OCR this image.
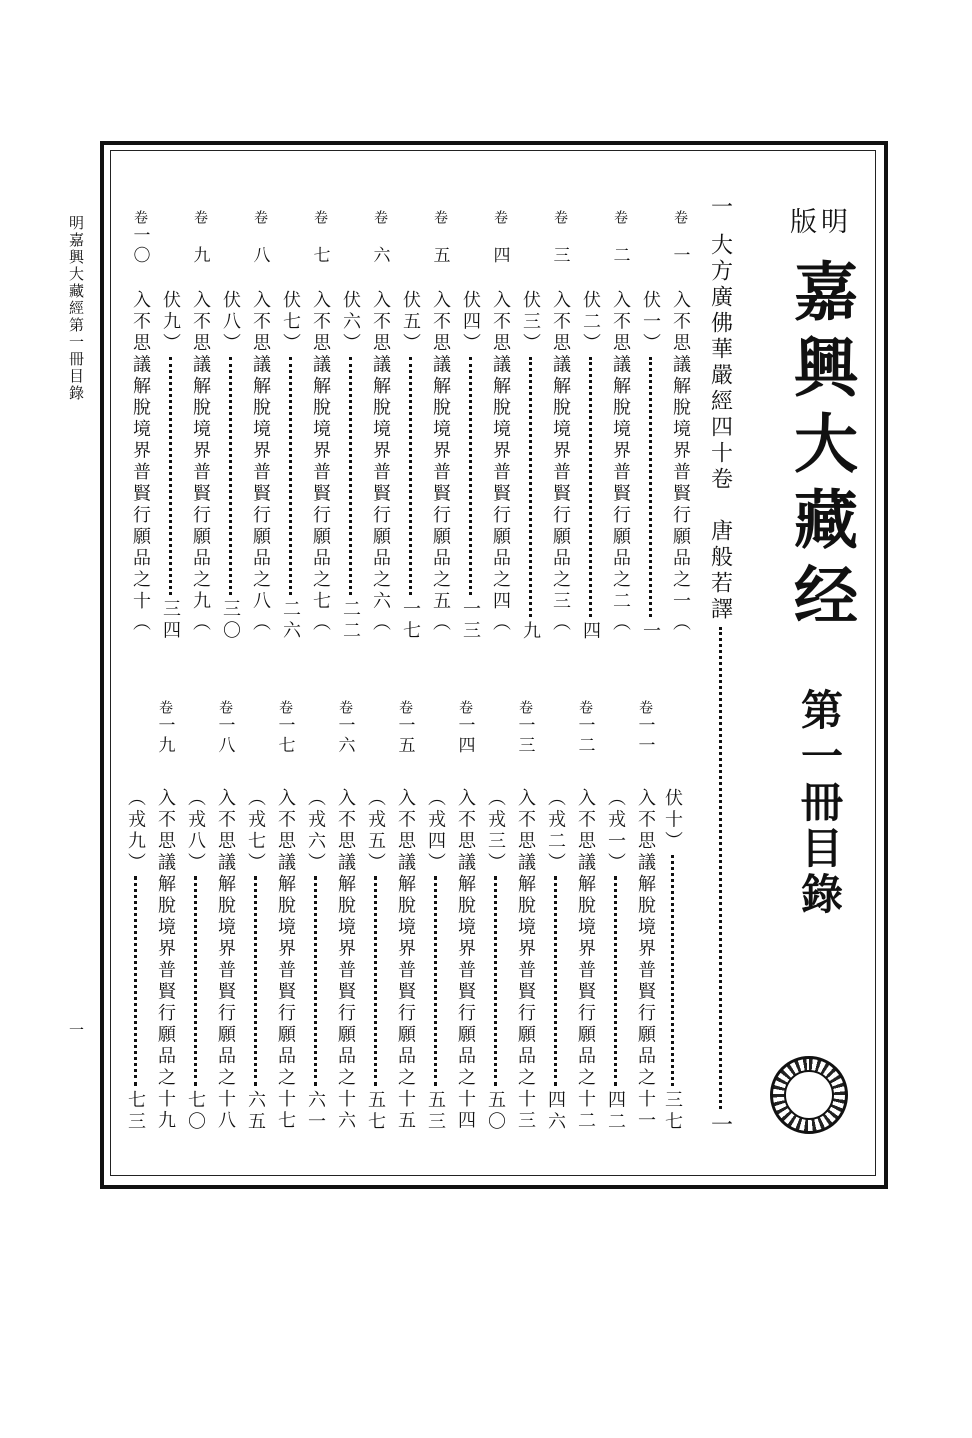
明嘉興大藏經第一冊目錄
一
版明
嘉興大藏经
第一冊目錄
一
大方廣佛華嚴經四十卷　唐般若譯
一
卷
一
入不思議解脫境界普賢行願品之一（
伏一）
一
卷
二
入不思議解脫境界普賢行願品之二（
伏二）
四
卷
三
入不思議解脫境界普賢行願品之三（
伏三）
九
卷
四
入不思議解脫境界普賢行願品之四（
伏四）
一三
卷
五
入不思議解脫境界普賢行願品之五（
伏五）
一七
卷
六
入不思議解脫境界普賢行願品之六（
伏六）
二二
卷
七
入不思議解脫境界普賢行願品之七（
伏七）
二六
卷
八
入不思議解脫境界普賢行願品之八（
伏八）
三〇
卷
九
入不思議解脫境界普賢行願品之九（
伏九）
三四
卷
一〇
入不思議解脫境界普賢行願品之十（
伏十）
三七
卷
一一
入不思議解脫境界普賢行願品之十一
（戎一）
四二
卷
一二
入不思議解脫境界普賢行願品之十二
（戎二）
四六
卷
一三
入不思議解脫境界普賢行願品之十三
（戎三）
五〇
卷
一四
入不思議解脫境界普賢行願品之十四
（戎四）
五三
卷
一五
入不思議解脫境界普賢行願品之十五
（戎五）
五七
卷
一六
入不思議解脫境界普賢行願品之十六
（戎六）
六一
卷
一七
入不思議解脫境界普賢行願品之十七
（戎七）
六五
卷
一八
入不思議解脫境界普賢行願品之十八
（戎八）
七〇
卷
一九
入不思議解脫境界普賢行願品之十九
（戎九）
七三
